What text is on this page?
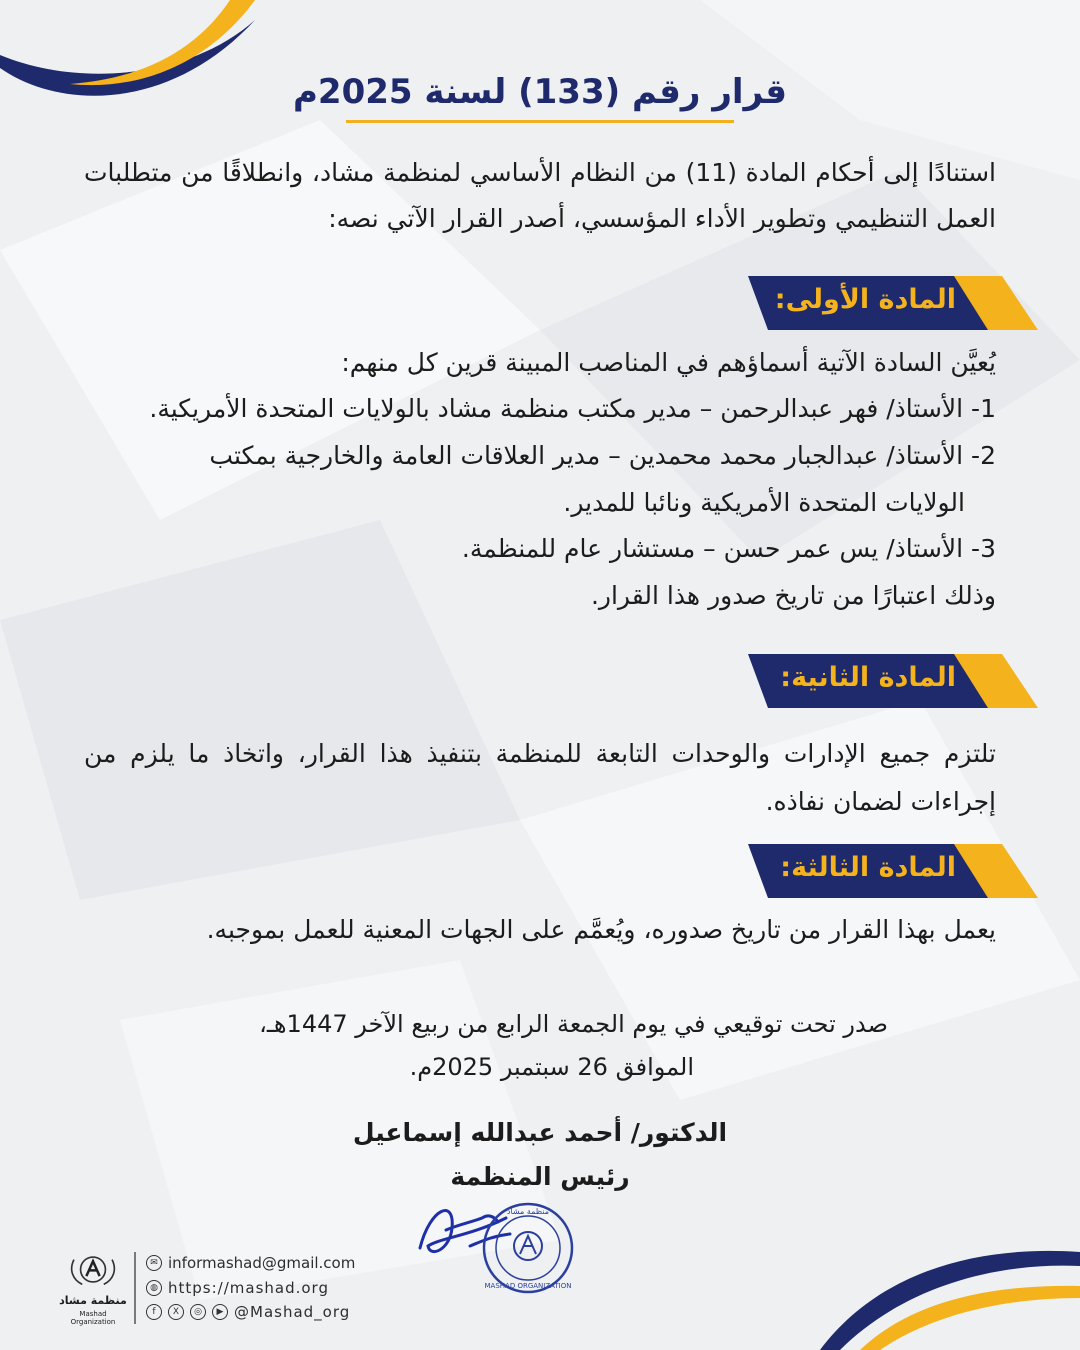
قرار رقم (133) لسنة 2025م
استنادًا إلى أحكام المادة (11) من النظام الأساسي لمنظمة مشاد، وانطلاقًا من متطلبات العمل التنظيمي وتطوير الأداء المؤسسي، أصدر القرار الآتي نصه:
المادة الأولى:
يُعيَّن السادة الآتية أسماؤهم في المناصب المبينة قرين كل منهم:
1- الأستاذ/ فهر عبدالرحمن – مدير مكتب منظمة مشاد بالولايات المتحدة الأمريكية.
2- الأستاذ/ عبدالجبار محمد محمدين – مدير العلاقات العامة والخارجية بمكتب
الولايات المتحدة الأمريكية ونائبا للمدير.
3- الأستاذ/ يس عمر حسن – مستشار عام للمنظمة.
وذلك اعتبارًا من تاريخ صدور هذا القرار.
المادة الثانية:
تلتزم جميع الإدارات والوحدات التابعة للمنظمة بتنفيذ هذا القرار، واتخاذ ما يلزم من إجراءات لضمان نفاذه.
المادة الثالثة:
يعمل بهذا القرار من تاريخ صدوره، ويُعمَّم على الجهات المعنية للعمل بموجبه.
صدر تحت توقيعي في يوم الجمعة الرابع من ربيع الآخر 1447هـ،
الموافق 26 سبتمبر 2025م.
الدكتور/ أحمد عبدالله إسماعيل
رئيس المنظمة
MASHAD ORGANIZATION
منظمة مشاد
منظمة مشاد
Mashad Organization
✉ informashad@gmail.com
◍ https://mashad.org
f	X	◎	▶ @Mashad_org
